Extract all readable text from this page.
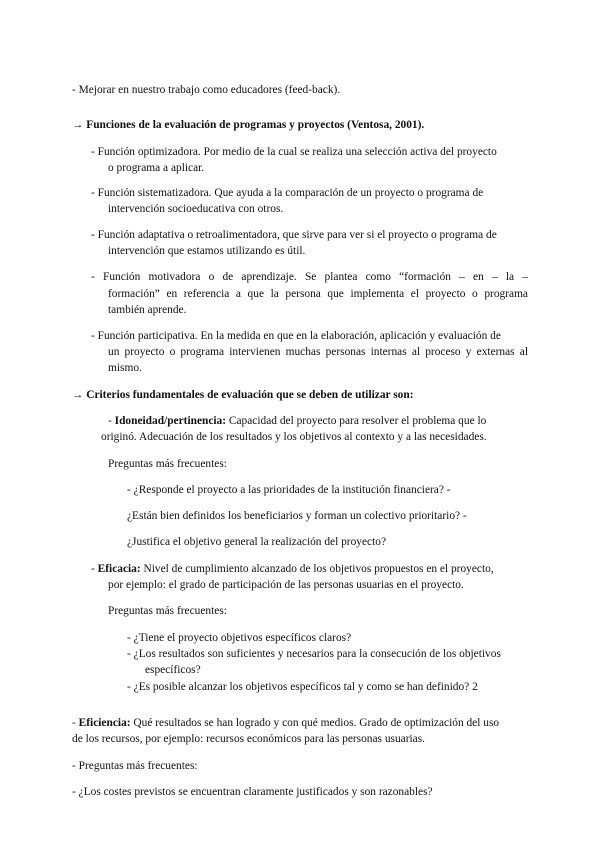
- Mejorar en nuestro trabajo como educadores (feed-back).
→ Funciones de la evaluación de programas y proyectos (Ventosa, 2001).
- Función optimizadora. Por medio de la cual se realiza una selección activa del proyecto
o programa a aplicar.
- Función sistematizadora. Que ayuda a la comparación de un proyecto o programa de
intervención socioeducativa con otros.
- Función adaptativa o retroalimentadora, que sirve para ver si el proyecto o programa de
intervención que estamos utilizando es útil.
- Función motivadora o de aprendizaje. Se plantea como “formación – en – la –
formación” en referencia a que la persona que implementa el proyecto o programa
también aprende.
- Función participativa. En la medida en que en la elaboración, aplicación y evaluación de
un proyecto o programa intervienen muchas personas internas al proceso y externas al
mismo.
→ Criterios fundamentales de evaluación que se deben de utilizar son:
- Idoneidad/pertinencia: Capacidad del proyecto para resolver el problema que lo
originó. Adecuación de los resultados y los objetivos al contexto y a las necesidades.
Preguntas más frecuentes:
- ¿Responde el proyecto a las prioridades de la institución financiera? -
¿Están bien definidos los beneficiarios y forman un colectivo prioritario? -
¿Justifica el objetivo general la realización del proyecto?
- Eficacia: Nivel de cumplimiento alcanzado de los objetivos propuestos en el proyecto,
por ejemplo: el grado de participación de las personas usuarias en el proyecto.
Preguntas más frecuentes:
- ¿Tiene el proyecto objetivos específicos claros?
- ¿Los resultados son suficientes y necesarios para la consecución de los objetivos
específicos?
- ¿Es posible alcanzar los objetivos específicos tal y como se han definido? 2
- Eficiencia: Qué resultados se han logrado y con qué medios. Grado de optimización del uso
de los recursos, por ejemplo: recursos económicos para las personas usuarias.
- Preguntas más frecuentes:
- ¿Los costes previstos se encuentran claramente justificados y son razonables?
